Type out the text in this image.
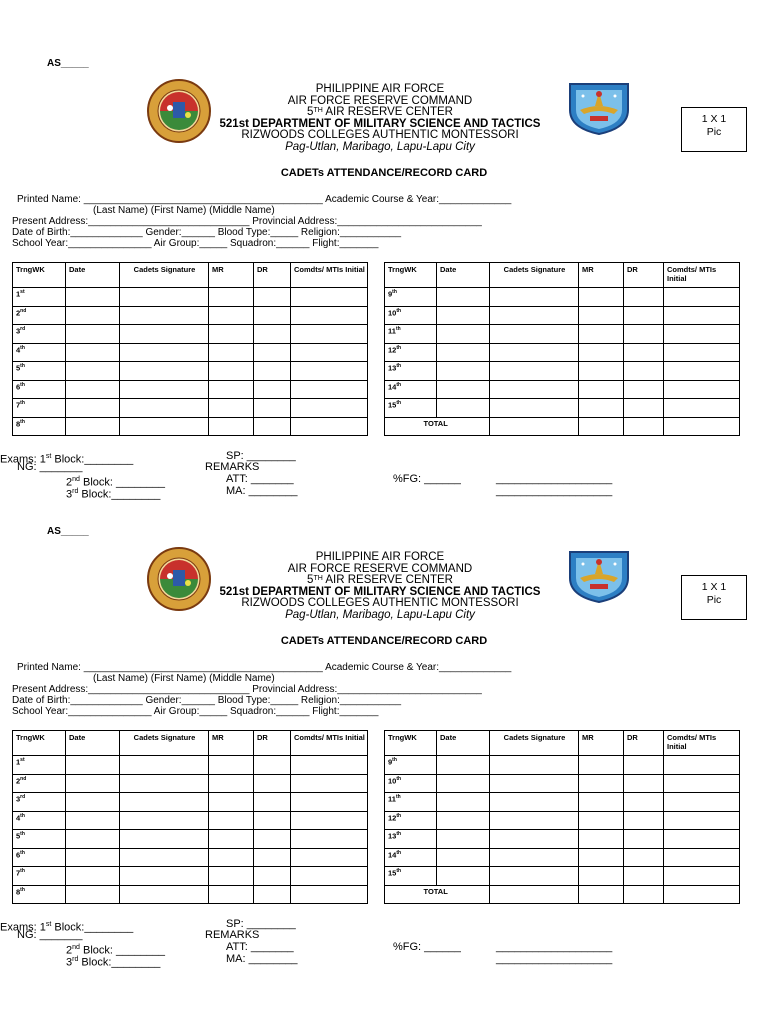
AS_____
PHILIPPINE AIR FORCE
AIR FORCE RESERVE COMMAND
5TH AIR RESERVE CENTER
521st DEPARTMENT OF MILITARY SCIENCE AND TACTICS
RIZWOODS COLLEGES AUTHENTIC MONTESSORI
Pag-Utlan, Maribago, Lapu-Lapu City
1 X 1
Pic
CADETs ATTENDANCE/RECORD CARD
Printed Name: ___________________________________________ Academic Course & Year:_____________
(Last Name) (First Name) (Middle Name)
Present Address:_____________________________ Provincial Address:__________________________
Date of Birth:_____________ Gender:______ Blood Type:_____ Religion:___________
School Year:_______________ Air Group:_____ Squadron:______ Flight:_______
TrngWK	Date	Cadets Signature	MR	DR	Comdts/ MTIs Initial
1st					
2nd					
3rd					
4th					
5th					
6th					
7th					
8th					
TrngWK	Date	Cadets Signature	MR	DR	Comdts/ MTIs Initial
9th					
10th					
11th					
12th					
13th					
14th					
15th					
	TOTAL				
Exams: 1st Block:________
NG: _______
2nd Block: ________
3rd Block:________
SP: ________
REMARKS
ATT: _______
MA: ________
%FG: ______	___________________
___________________
AS_____
PHILIPPINE AIR FORCE
AIR FORCE RESERVE COMMAND
5TH AIR RESERVE CENTER
521st DEPARTMENT OF MILITARY SCIENCE AND TACTICS
RIZWOODS COLLEGES AUTHENTIC MONTESSORI
Pag-Utlan, Maribago, Lapu-Lapu City
1 X 1
Pic
CADETs ATTENDANCE/RECORD CARD
Printed Name: ___________________________________________ Academic Course & Year:_____________
(Last Name) (First Name) (Middle Name)
Present Address:_____________________________ Provincial Address:__________________________
Date of Birth:_____________ Gender:______ Blood Type:_____ Religion:___________
School Year:_______________ Air Group:_____ Squadron:______ Flight:_______
TrngWK	Date	Cadets Signature	MR	DR	Comdts/ MTIs Initial
1st					
2nd					
3rd					
4th					
5th					
6th					
7th					
8th					
TrngWK	Date	Cadets Signature	MR	DR	Comdts/ MTIs Initial
9th					
10th					
11th					
12th					
13th					
14th					
15th					
	TOTAL				
Exams: 1st Block:________
NG: _______
2nd Block: ________
3rd Block:________
SP: ________
REMARKS
ATT: _______
MA: ________
%FG: ______	___________________
___________________
